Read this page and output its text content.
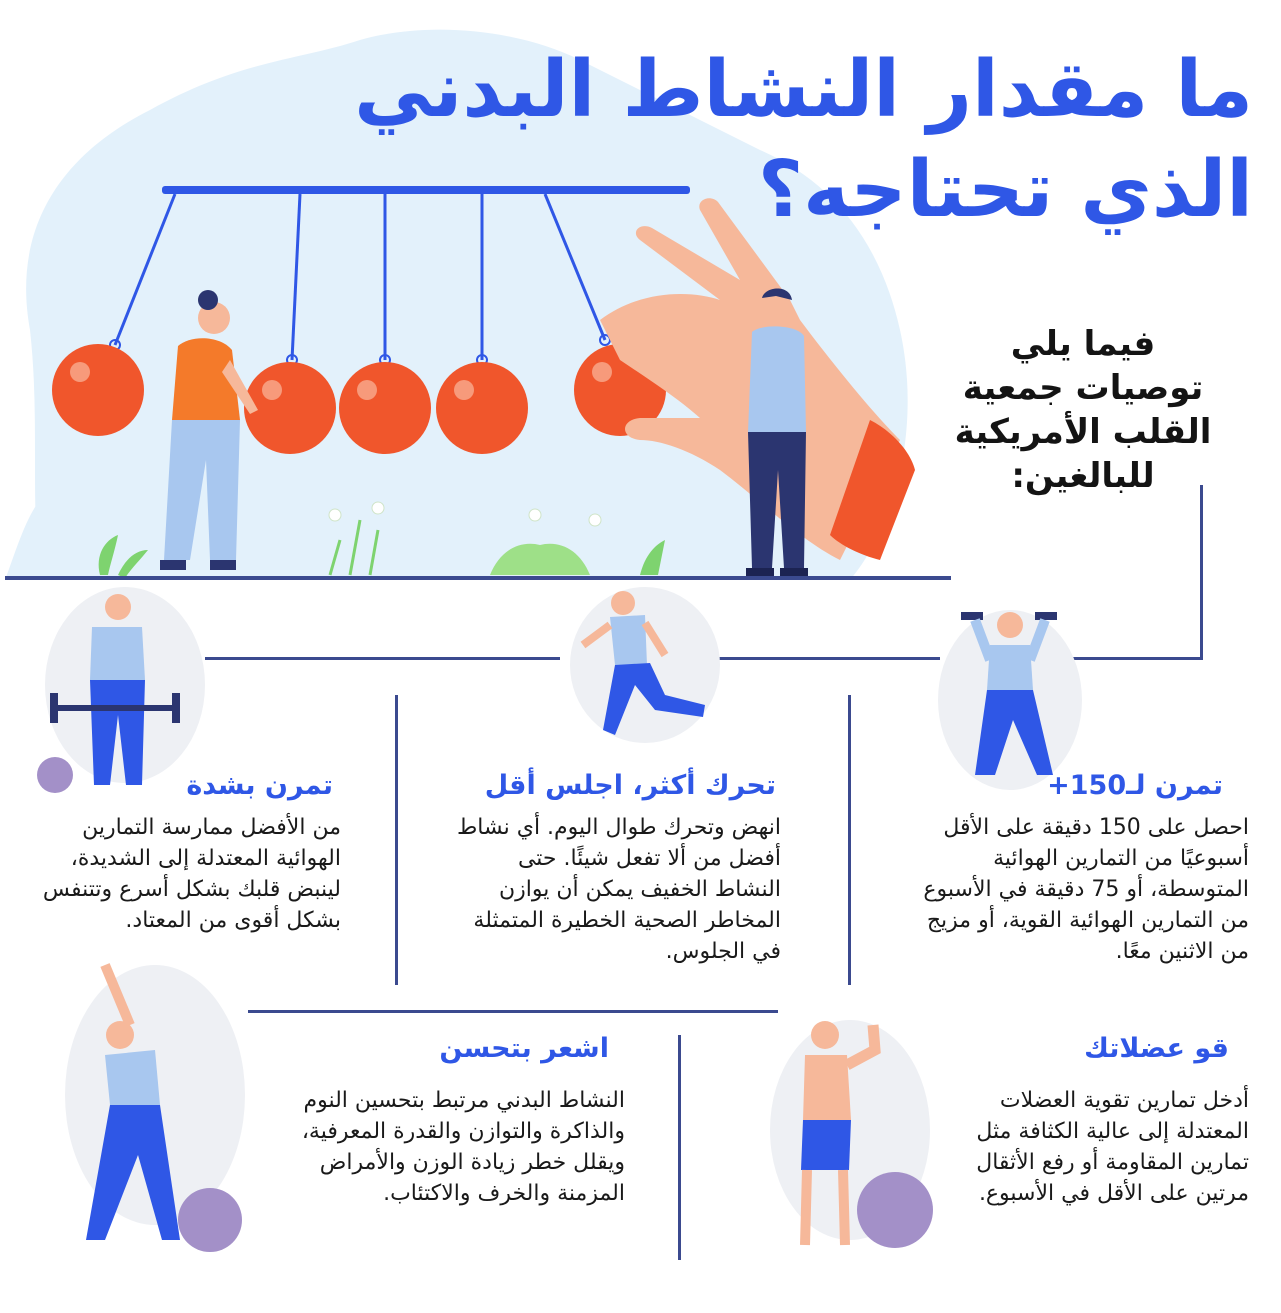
ما مقدار النشاط البدني
الذي تحتاجه؟
فيما يلي
توصيات جمعية
القلب الأمريكية
للبالغين:
تمرن لـ150+
احصل على 150 دقيقة على الأقل أسبوعيًا من التمارين الهوائية المتوسطة، أو 75 دقيقة في الأسبوع من التمارين الهوائية القوية، أو مزيج من الاثنين معًا.
تحرك أكثر، اجلس أقل
انهض وتحرك طوال اليوم. أي نشاط أفضل من ألا تفعل شيئًا. حتى النشاط الخفيف يمكن أن يوازن المخاطر الصحية الخطيرة المتمثلة في الجلوس.
تمرن بشدة
من الأفضل ممارسة التمارين الهوائية المعتدلة إلى الشديدة، لينبض قلبك بشكل أسرع وتتنفس بشكل أقوى من المعتاد.
قو عضلاتك
أدخل تمارين تقوية العضلات المعتدلة إلى عالية الكثافة مثل تمارين المقاومة أو رفع الأثقال مرتين على الأقل في الأسبوع.
اشعر بتحسن
النشاط البدني مرتبط بتحسين النوم والذاكرة والتوازن والقدرة المعرفية، ويقلل خطر زيادة الوزن والأمراض المزمنة والخرف والاكتئاب.
